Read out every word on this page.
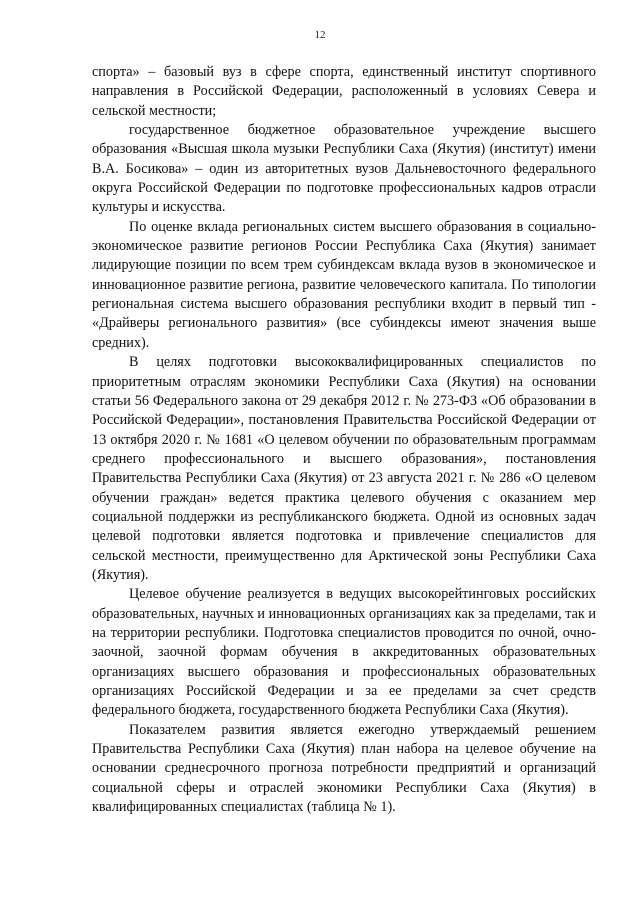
12

спорта» – базовый вуз в сфере спорта, единственный институт спортивного направления в Российской Федерации, расположенный в условиях Севера и сельской местности;

государственное бюджетное образовательное учреждение высшего образования «Высшая школа музыки Республики Саха (Якутия) (институт) имени В.А. Босикова» – один из авторитетных вузов Дальневосточного федерального округа Российской Федерации по подготовке профессиональных кадров отрасли культуры и искусства.

По оценке вклада региональных систем высшего образования в социально-экономическое развитие регионов России Республика Саха (Якутия) занимает лидирующие позиции по всем трем субиндексам вклада вузов в экономическое и инновационное развитие региона, развитие человеческого капитала. По типологии региональная система высшего образования республики входит в первый тип - «Драйверы регионального развития» (все субиндексы имеют значения выше средних).

В целях подготовки высококвалифицированных специалистов по приоритетным отраслям экономики Республики Саха (Якутия) на основании статьи 56 Федерального закона от 29 декабря 2012 г. № 273-ФЗ «Об образовании в Российской Федерации», постановления Правительства Российской Федерации от 13 октября 2020 г. № 1681 «О целевом обучении по образовательным программам среднего профессионального и высшего образования», постановления Правительства Республики Саха (Якутия) от 23 августа 2021 г. № 286 «О целевом обучении граждан» ведется практика целевого обучения с оказанием мер социальной поддержки из республиканского бюджета. Одной из основных задач целевой подготовки является подготовка и привлечение специалистов для сельской местности, преимущественно для Арктической зоны Республики Саха (Якутия).

Целевое обучение реализуется в ведущих высокорейтинговых российских образовательных, научных и инновационных организациях как за пределами, так и на территории республики. Подготовка специалистов проводится по очной, очно-заочной, заочной формам обучения в аккредитованных образовательных организациях высшего образования и профессиональных образовательных организациях Российской Федерации и за ее пределами за счет средств федерального бюджета, государственного бюджета Республики Саха (Якутия).

Показателем развития является ежегодно утверждаемый решением Правительства Республики Саха (Якутия) план набора на целевое обучение на основании среднесрочного прогноза потребности предприятий и организаций социальной сферы и отраслей экономики Республики Саха (Якутия) в квалифицированных специалистах (таблица № 1).
